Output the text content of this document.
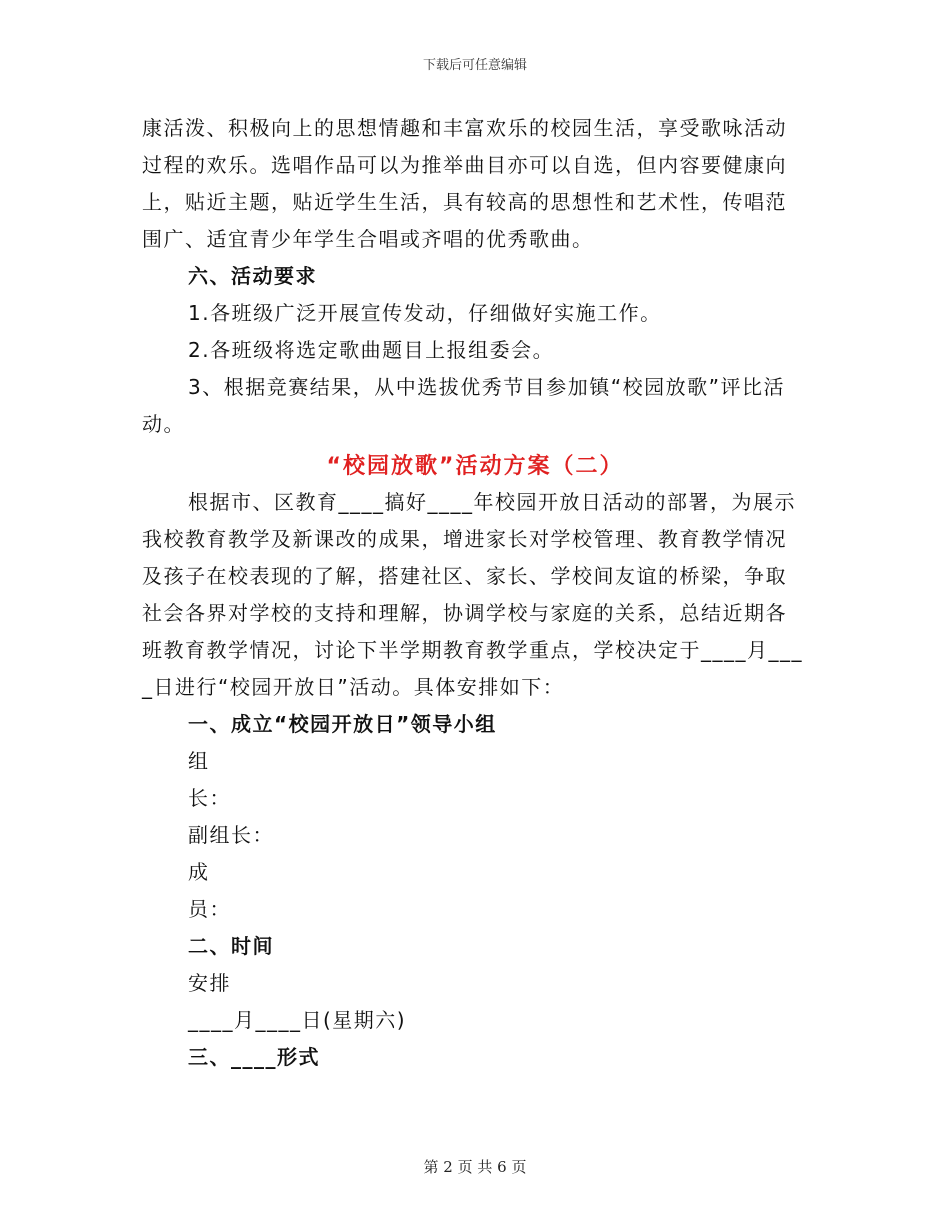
下载后可任意编辑
康活泼、积极向上的思想情趣和丰富欢乐的校园生活，享受歌咏活动
过程的欢乐。选唱作品可以为推举曲目亦可以自选，但内容要健康向
上，贴近主题，贴近学生生活，具有较高的思想性和艺术性，传唱范
围广、适宜青少年学生合唱或齐唱的优秀歌曲。
六、活动要求
1.各班级广泛开展宣传发动，仔细做好实施工作。
2.各班级将选定歌曲题目上报组委会。
3、根据竞赛结果，从中选拔优秀节目参加镇“校园放歌”评比活
动。
“校园放歌”活动方案（二）
根据市、区教育____搞好____年校园开放日活动的部署，为展示
我校教育教学及新课改的成果，增进家长对学校管理、教育教学情况
及孩子在校表现的了解，搭建社区、家长、学校间友谊的桥梁，争取
社会各界对学校的支持和理解，协调学校与家庭的关系，总结近期各
班教育教学情况，讨论下半学期教育教学重点，学校决定于____月___
_日进行“校园开放日”活动。具体安排如下：
一、成立“校园开放日”领导小组
组
长：
副组长：
成
员：
二、时间
安排
____月____日(星期六)
三、____形式
第 2 页 共 6 页
